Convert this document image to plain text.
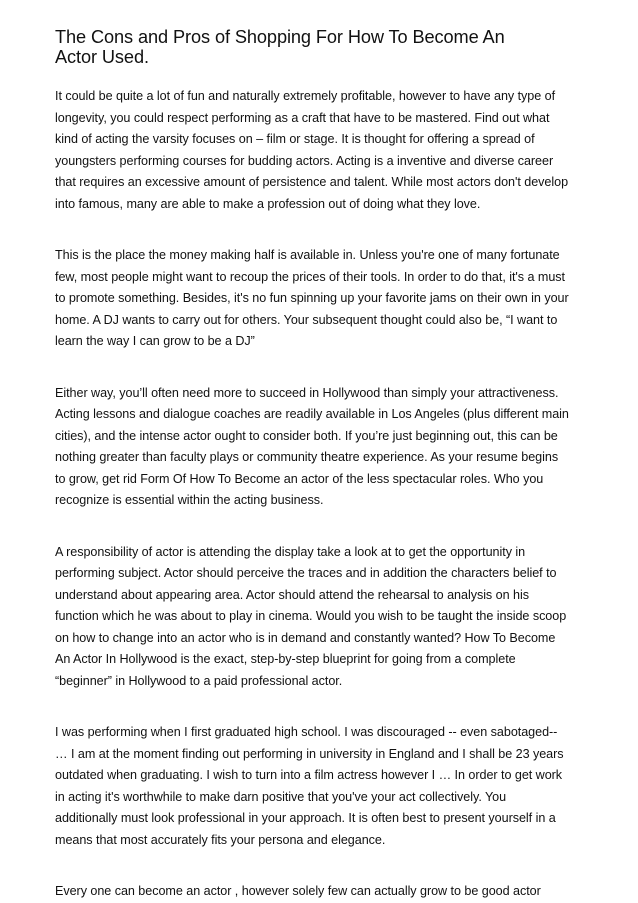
The Cons and Pros of Shopping For How To Become An
Actor Used.

It could be quite a lot of fun and naturally extremely profitable, however to have any type of
longevity, you could respect performing as a craft that have to be mastered. Find out what
kind of acting the varsity focuses on – film or stage. It is thought for offering a spread of
youngsters performing courses for budding actors. Acting is a inventive and diverse career
that requires an excessive amount of persistence and talent. While most actors don't develop
into famous, many are able to make a profession out of doing what they love.

This is the place the money making half is available in. Unless you're one of many fortunate
few, most people might want to recoup the prices of their tools. In order to do that, it's a must
to promote something. Besides, it's no fun spinning up your favorite jams on their own in your
home. A DJ wants to carry out for others. Your subsequent thought could also be, “I want to
learn the way I can grow to be a DJ”

Either way, you’ll often need more to succeed in Hollywood than simply your attractiveness.
Acting lessons and dialogue coaches are readily available in Los Angeles (plus different main
cities), and the intense actor ought to consider both. If you’re just beginning out, this can be
nothing greater than faculty plays or community theatre experience. As your resume begins
to grow, get rid Form Of How To Become an actor of the less spectacular roles. Who you
recognize is essential within the acting business.

A responsibility of actor is attending the display take a look at to get the opportunity in
performing subject. Actor should perceive the traces and in addition the characters belief to
understand about appearing area. Actor should attend the rehearsal to analysis on his
function which he was about to play in cinema. Would you wish to be taught the inside scoop
on how to change into an actor who is in demand and constantly wanted? How To Become
An Actor In Hollywood is the exact, step-by-step blueprint for going from a complete
“beginner” in Hollywood to a paid professional actor.

I was performing when I first graduated high school. I was discouraged -- even sabotaged--
… I am at the moment finding out performing in university in England and I shall be 23 years
outdated when graduating. I wish to turn into a film actress however I … In order to get work
in acting it's worthwhile to make darn positive that you've your act collectively. You
additionally must look professional in your approach. It is often best to present yourself in a
means that most accurately fits your persona and elegance.

Every one can become an actor , however solely few can actually grow to be good actor
